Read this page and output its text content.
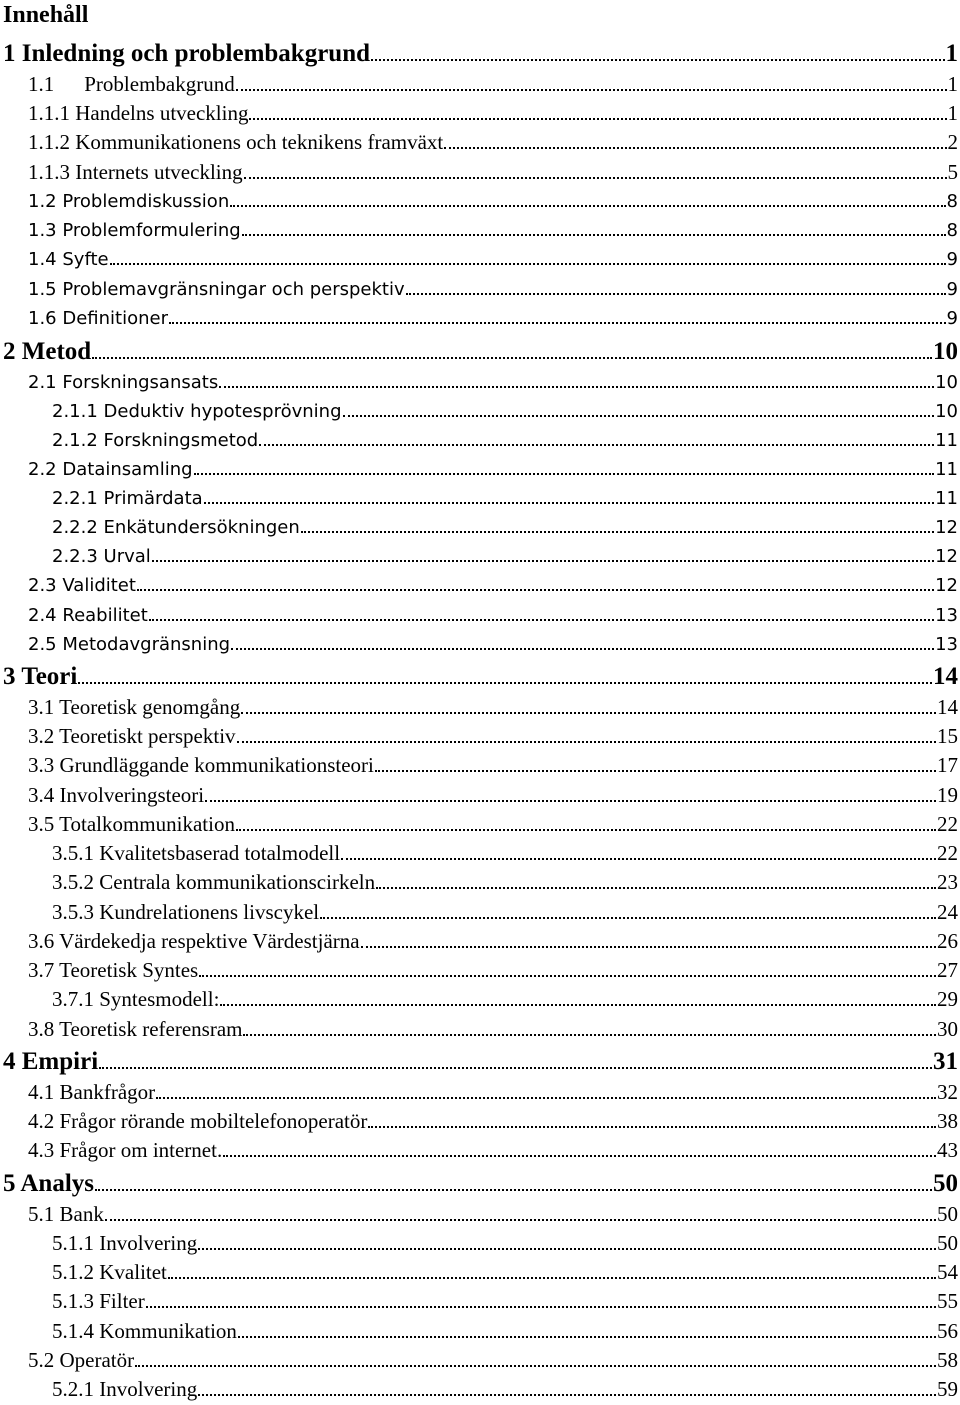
Innehåll
1 Inledning och problembakgrund	1
1.1 Problembakgrund	1
1.1.1 Handelns utveckling	1
1.1.2 Kommunikationens och teknikens framväxt	2
1.1.3 Internets utveckling	5
1.2 Problemdiskussion	8
1.3 Problemformulering	8
1.4 Syfte	9
1.5 Problemavgränsningar och perspektiv	9
1.6 Definitioner	9
2 Metod	10
2.1 Forskningsansats	10
2.1.1 Deduktiv hypotesprövning	10
2.1.2 Forskningsmetod	11
2.2 Datainsamling	11
2.2.1 Primärdata	11
2.2.2 Enkätundersökningen	12
2.2.3 Urval	12
2.3 Validitet	12
2.4 Reabilitet	13
2.5 Metodavgränsning	13
3 Teori	14
3.1 Teoretisk genomgång	14
3.2 Teoretiskt perspektiv	15
3.3 Grundläggande kommunikationsteori	17
3.4 Involveringsteori	19
3.5 Totalkommunikation	22
3.5.1 Kvalitetsbaserad totalmodell	22
3.5.2 Centrala kommunikationscirkeln	23
3.5.3 Kundrelationens livscykel	24
3.6 Värdekedja respektive Värdestjärna	26
3.7 Teoretisk Syntes	27
3.7.1 Syntesmodell:	29
3.8 Teoretisk referensram	30
4 Empiri	31
4.1 Bankfrågor	32
4.2 Frågor rörande mobiltelefonoperatör	38
4.3 Frågor om internet.	43
5 Analys	50
5.1 Bank	50
5.1.1 Involvering	50
5.1.2 Kvalitet	54
5.1.3 Filter	55
5.1.4 Kommunikation	56
5.2 Operatör	58
5.2.1 Involvering	59
